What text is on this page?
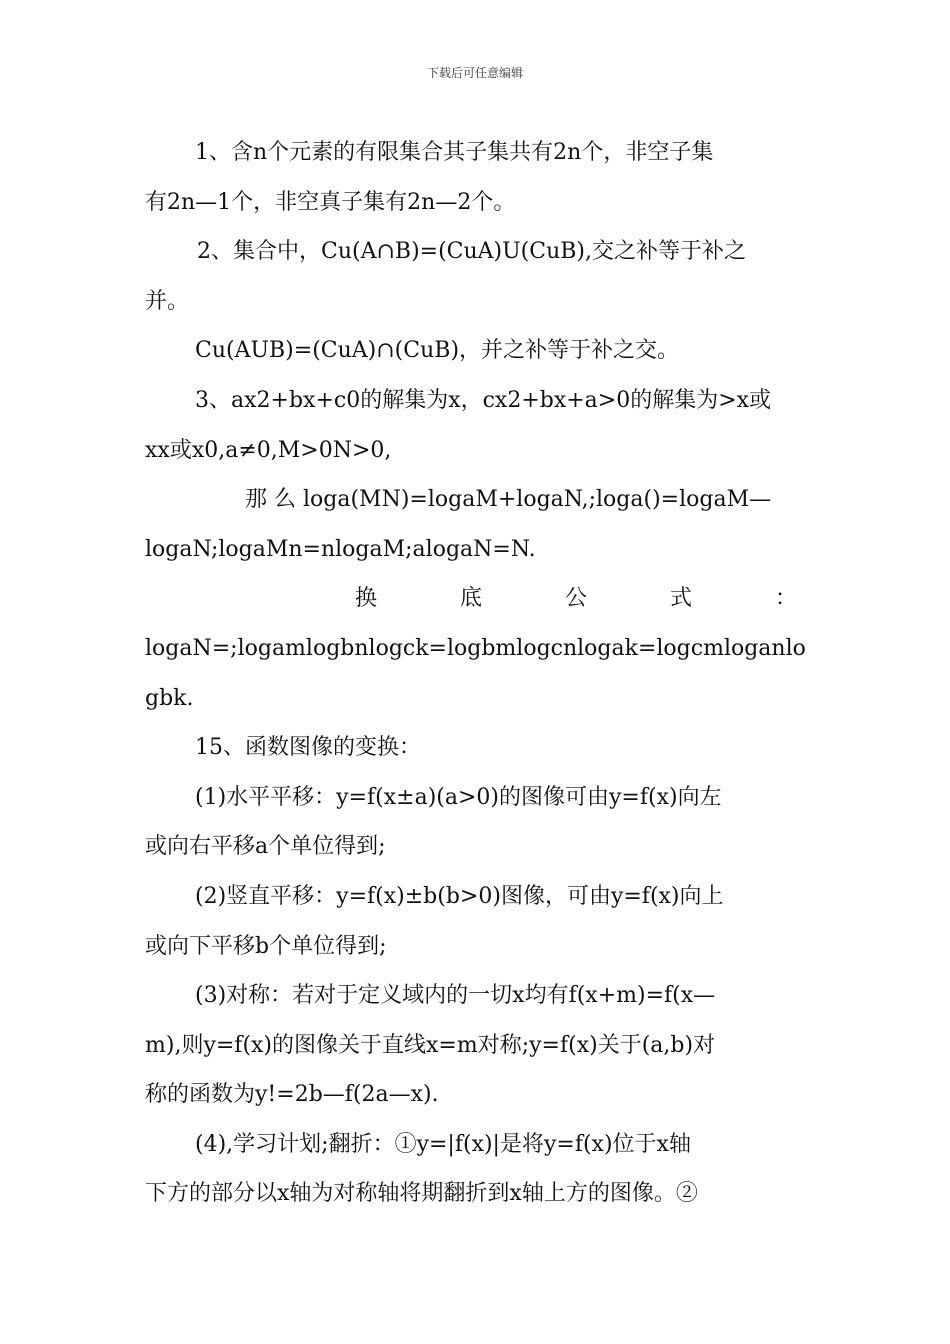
下载后可任意编辑
1、含n个元素的有限集合其子集共有2n个，非空子集
有2n—1个，非空真子集有2n—2个。
2、集合中，Cu(A∩B)=(CuA)U(CuB),交之补等于补之
并。
Cu(AUB)=(CuA)∩(CuB)，并之补等于补之交。
3、ax2+bx+c0的解集为x，cx2+bx+a>0的解集为>x或
xx或x0,a≠0,M>0N>0,
那 么 loga(MN)=logaM+logaN,;loga()=logaM—
logaN;logaMn=nlogaM;alogaN=N.
换	底	公	式	：
logaN=;logamlogbnlogck=logbmlogcnlogak=logcmloganlo
gbk.
15、函数图像的变换：
(1)水平平移：y=f(x±a)(a>0)的图像可由y=f(x)向左
或向右平移a个单位得到;
(2)竖直平移：y=f(x)±b(b>0)图像，可由y=f(x)向上
或向下平移b个单位得到;
(3)对称：若对于定义域内的一切x均有f(x+m)=f(x—
m),则y=f(x)的图像关于直线x=m对称;y=f(x)关于(a,b)对
称的函数为y!=2b—f(2a—x).
(4),学习计划;翻折：①y=|f(x)|是将y=f(x)位于x轴
下方的部分以x轴为对称轴将期翻折到x轴上方的图像。②
